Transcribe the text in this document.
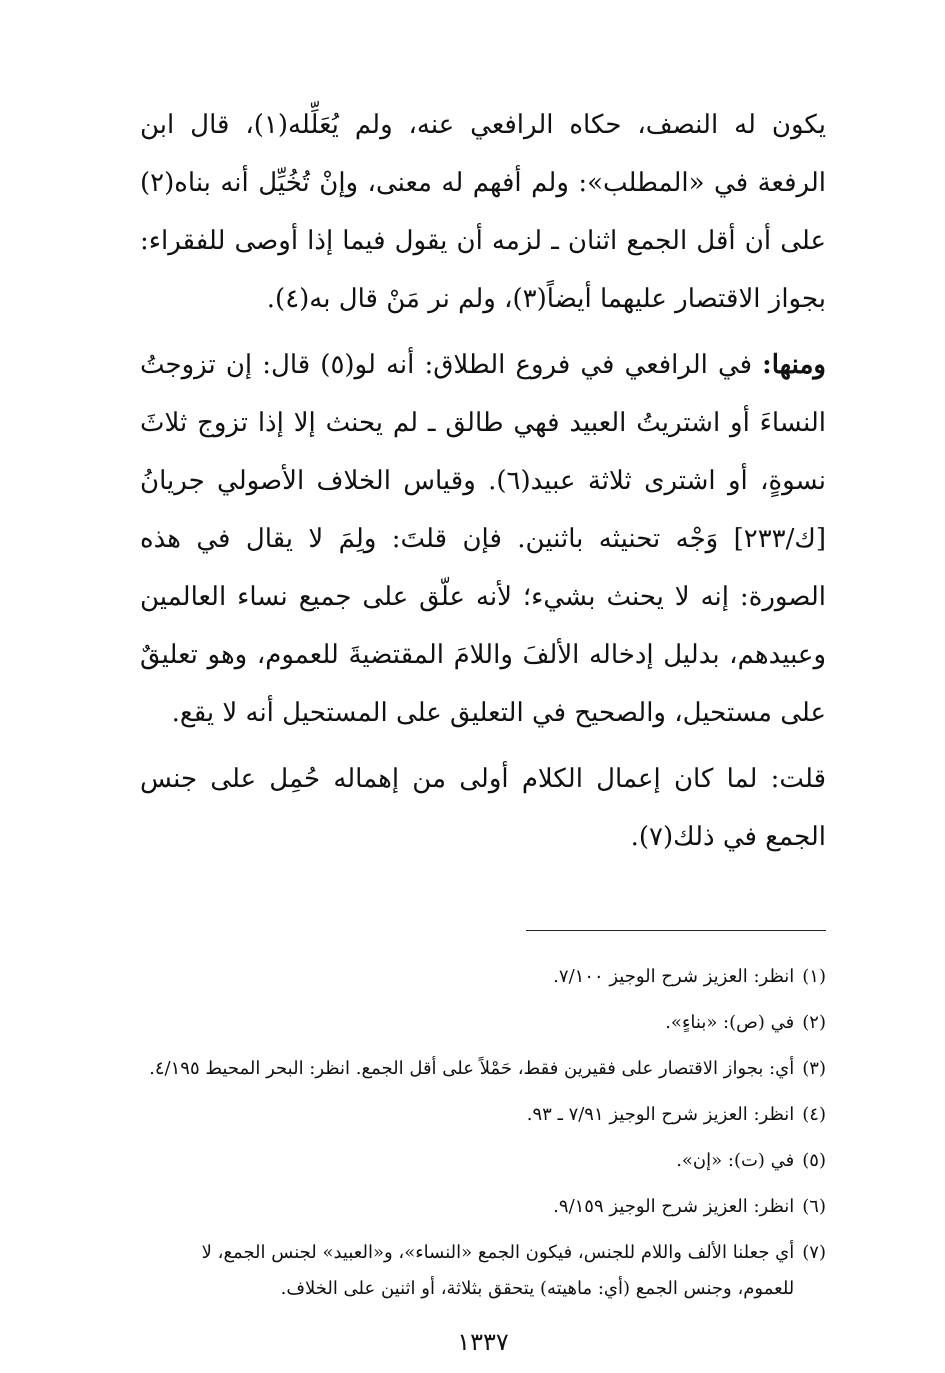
يكون له النصف، حكاه الرافعي عنه، ولم يُعَلِّله(١)، قال ابن الرفعة في «المطلب»: ولم أفهم له معنى، وإنْ تُخُيِّل أنه بناه(٢) على أن أقل الجمع اثنان ـ لزمه أن يقول فيما إذا أوصى للفقراء: بجواز الاقتصار عليهما أيضاً(٣)، ولم نر مَنْ قال به(٤).

ومنها: في الرافعي في فروع الطلاق: أنه لو(٥) قال: إن تزوجتُ النساءَ أو اشتريتُ العبيد فهي طالق ـ لم يحنث إلا إذا تزوج ثلاثَ نسوةٍ، أو اشترى ثلاثة عبيد(٦). وقياس الخلاف الأصولي جريانُ [ك/٢٣٣] وَجْه تحنيثه باثنين. فإن قلتَ: ولِمَ لا يقال في هذه الصورة: إنه لا يحنث بشيء؛ لأنه علّق على جميع نساء العالمين وعبيدهم، بدليل إدخاله الألفَ واللامَ المقتضيةَ للعموم، وهو تعليقٌ على مستحيل، والصحيح في التعليق على المستحيل أنه لا يقع.

قلت: لما كان إعمال الكلام أولى من إهماله حُمِل على جنس الجمع في ذلك(٧).

(١)
انظر: العزيز شرح الوجيز ٧/١٠٠.
(٢)
في (ص): «بناءٍ».
(٣)
أي: بجواز الاقتصار على فقيرين فقط، حَمْلاً على أقل الجمع. انظر: البحر المحيط ٤/١٩٥.
(٤)
انظر: العزيز شرح الوجيز ٧/٩١ ـ ٩٣.
(٥)
في (ت): «إن».
(٦)
انظر: العزيز شرح الوجيز ٩/١٥٩.
(٧)
أي جعلنا الألف واللام للجنس، فيكون الجمع «النساء»، و«العبيد» لجنس الجمع، لا للعموم، وجنس الجمع (أي: ماهيته) يتحقق بثلاثة، أو اثنين على الخلاف.
١٣٣٧
